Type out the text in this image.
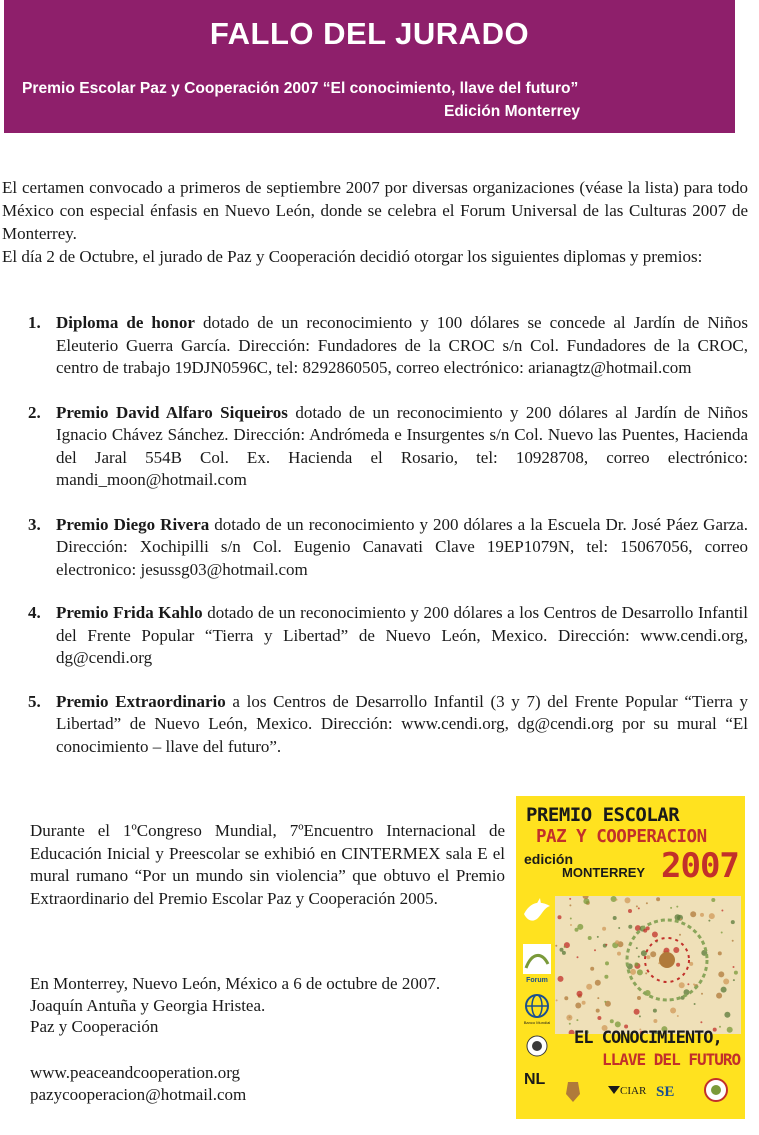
FALLO DEL JURADO
Premio Escolar Paz y Cooperación 2007 “El conocimiento, llave del futuro”
Edición Monterrey

El certamen convocado a primeros de septiembre 2007 por diversas organizaciones (véase la lista) para todo México con especial énfasis en Nuevo León, donde se celebra el Forum Universal de las Culturas 2007 de Monterrey.

El día 2 de Octubre, el jurado de Paz y Cooperación decidió otorgar los siguientes diplomas y premios:

1. Diploma de honor dotado de un reconocimiento y 100 dólares se concede al Jardín de Niños Eleuterio Guerra García. Dirección: Fundadores de la CROC s/n Col. Fundadores de la CROC, centro de trabajo 19DJN0596C, tel: 8292860505, correo electrónico: arianagtz@hotmail.com
2. Premio David Alfaro Siqueiros dotado de un reconocimiento y 200 dólares al Jardín de Niños Ignacio Chávez Sánchez. Dirección: Andrómeda e Insurgentes s/n Col. Nuevo las Puentes, Hacienda del Jaral 554B Col. Ex. Hacienda el Rosario, tel: 10928708, correo electrónico: mandi_moon@hotmail.com
3. Premio Diego Rivera dotado de un reconocimiento y 200 dólares a la Escuela Dr. José Páez Garza. Dirección: Xochipilli s/n Col. Eugenio Canavati Clave 19EP1079N, tel: 15067056, correo electronico: jesussg03@hotmail.com
4. Premio Frida Kahlo dotado de un reconocimiento y 200 dólares a los Centros de Desarrollo Infantil del Frente Popular “Tierra y Libertad” de Nuevo León, Mexico. Dirección: www.cendi.org, dg@cendi.org
5. Premio Extraordinario a los Centros de Desarrollo Infantil (3 y 7) del Frente Popular “Tierra y Libertad” de Nuevo León, Mexico. Dirección: www.cendi.org, dg@cendi.org por su mural “El conocimiento – llave del futuro”.

Durante el 1ºCongreso Mundial, 7ºEncuentro Internacional de Educación Inicial y Preescolar se exhibió en CINTERMEX sala E el mural rumano “Por un mundo sin violencia” que obtuvo el Premio Extraordinario del Premio Escolar Paz y Cooperación 2005.

En Monterrey, Nuevo León, México a 6 de octubre de 2007.
Joaquín Antuña y Georgia Hristea.
Paz y Cooperación
www.peaceandcooperation.org
pazycooperacion@hotmail.com
PREMIO ESCOLAR
PAZ Y COOPERACION
edición
MONTERREY 2007
Forum
Banco Mundial
NL
EL CONOCIMIENTO,
LLAVE DEL FUTURO
CIAR SE
